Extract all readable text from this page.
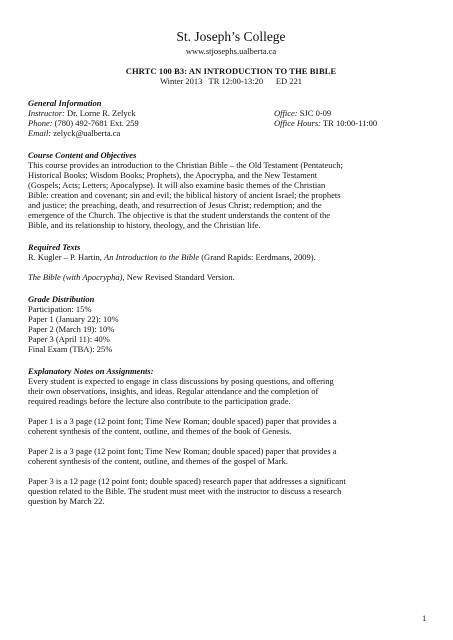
St. Joseph’s College
www.stjosephs.ualberta.ca
CHRTC 100 B3: AN INTRODUCTION TO THE BIBLE
Winter 2013   TR 12:00-13:20      ED 221
General Information
Instructor: Dr. Lorne R. Zelyck
Phone: (780) 492-7681 Ext. 259
Email: zelyck@ualberta.ca
Office: SJC 0-09
Office Hours: TR 10:00-11:00
Course Content and Objectives
This course provides an introduction to the Christian Bible – the Old Testament (Pentateuch;
Historical Books; Wisdom Books; Prophets), the Apocrypha, and the New Testament
(Gospels; Acts; Letters; Apocalypse). It will also examine basic themes of the Christian
Bible: creation and covenant; sin and evil; the biblical history of ancient Israel; the prophets
and justice; the preaching, death, and resurrection of Jesus Christ; redemption; and the
emergence of the Church. The objective is that the student understands the content of the
Bible, and its relationship to history, theology, and the Christian life.
Required Texts
R. Kugler – P. Hartin, An Introduction to the Bible (Grand Rapids: Eerdmans, 2009).
The Bible (with Apocrypha), New Revised Standard Version.
Grade Distribution
Participation: 15%
Paper 1 (January 22): 10%
Paper 2 (March 19): 10%
Paper 3 (April 11): 40%
Final Exam (TBA): 25%
Explanatory Notes on Assignments:
Every student is expected to engage in class discussions by posing questions, and offering
their own observations, insights, and ideas. Regular attendance and the completion of
required readings before the lecture also contribute to the participation grade.
Paper 1 is a 3 page (12 point font; Time New Roman; double spaced) paper that provides a
coherent synthesis of the content, outline, and themes of the book of Genesis.
Paper 2 is a 3 page (12 point font; Time New Roman; double spaced) paper that provides a
coherent synthesis of the content, outline, and themes of the gospel of Mark.
Paper 3 is a 12 page (12 point font; double spaced) research paper that addresses a significant
question related to the Bible. The student must meet with the instructor to discuss a research
question by March 22.
1
